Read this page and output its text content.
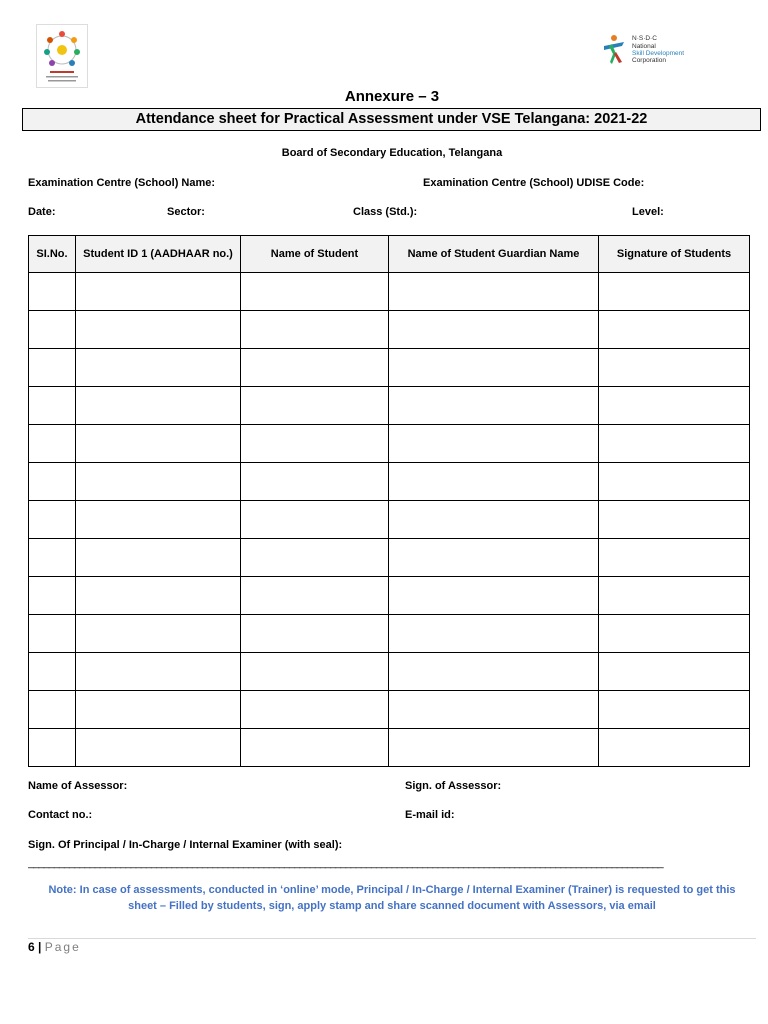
N·S·D·C
National
Skill Development
Corporation
Annexure – 3
Attendance sheet for Practical Assessment under VSE Telangana: 2021-22
Board of Secondary Education, Telangana
Examination Centre (School) Name:	Examination Centre (School) UDISE Code:
Date:	Sector:	Class (Std.):	Level:
SI.No.	Student ID 1 (AADHAAR no.)	Name of Student	Name of Student Guardian Name	Signature of Students

Name of Assessor:	Sign. of Assessor:
Contact no.:	E-mail id:
Sign. Of Principal / In-Charge / Internal Examiner (with seal):
____________________________________________________________________________________________________________________________
Note: In case of assessments, conducted in ‘online’ mode, Principal / In-Charge / Internal Examiner (Trainer) is requested to get this sheet – Filled by students, sign, apply stamp and share scanned document with Assessors, via email
6 | Page
